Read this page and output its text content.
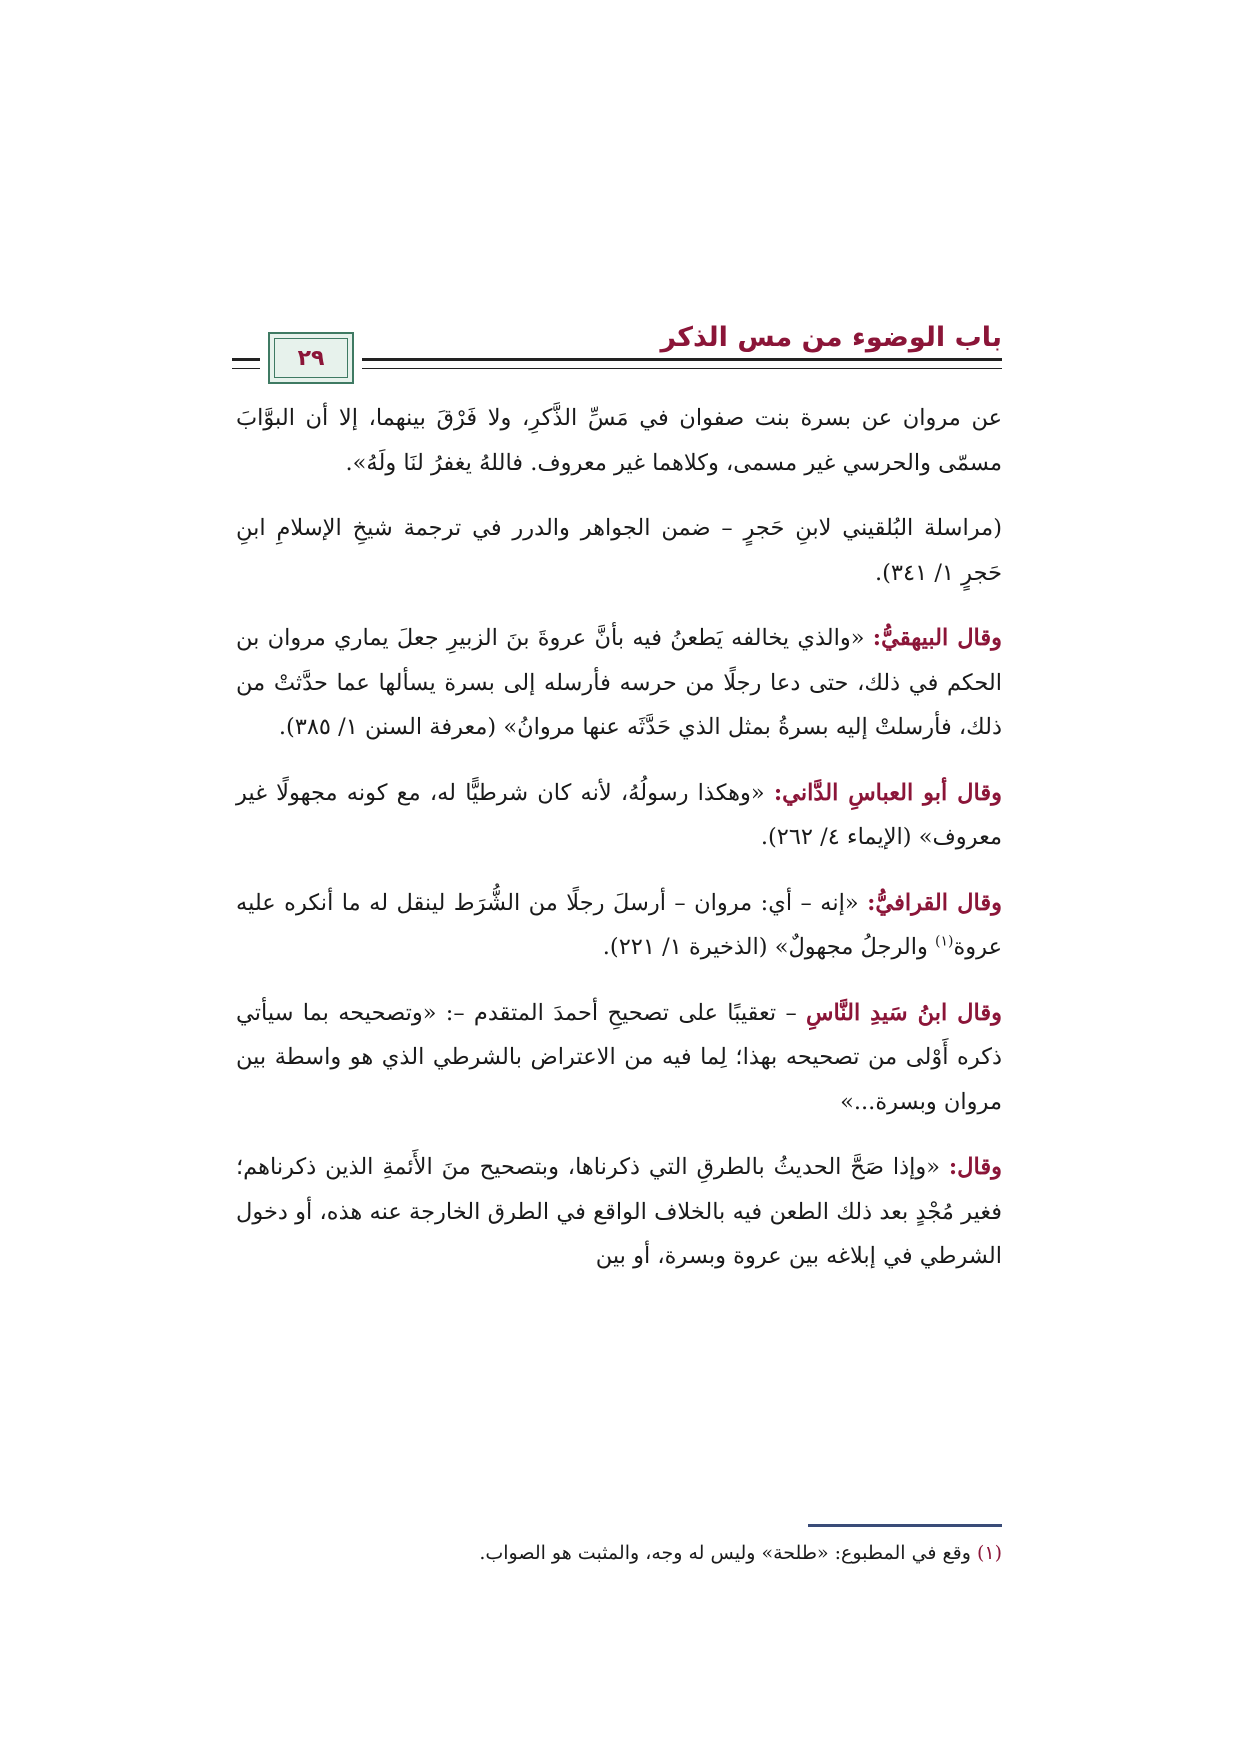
باب الوضوء من مس الذكر
٢٩

عن مروان عن بسرة بنت صفوان في مَسِّ الذَّكرِ، ولا فَرْقَ بينهما، إلا أن البوَّابَ مسمّى والحرسي غير مسمى، وكلاهما غير معروف. فاللهُ يغفرُ لنَا ولَهُ».

(مراسلة البُلقيني لابنِ حَجرٍ – ضمن الجواهر والدرر في ترجمة شيخِ الإسلامِ ابنِ حَجرٍ ١/ ٣٤١).

وقال البيهقيُّ: «والذي يخالفه يَطعنُ فيه بأنَّ عروةَ بنَ الزبيرِ جعلَ يماري مروان بن الحكم في ذلك، حتى دعا رجلًا من حرسه فأرسله إلى بسرة يسألها عما حدَّثتْ من ذلك، فأرسلتْ إليه بسرةُ بمثل الذي حَدَّثَه عنها مروانُ» (معرفة السنن ١/ ٣٨٥).

وقال أبو العباسِ الدَّاني: «وهكذا رسولُهُ، لأنه كان شرطيًّا له، مع كونه مجهولًا غير معروف» (الإيماء ٤/ ٢٦٢).

وقال القرافيُّ: «إنه – أي: مروان – أرسلَ رجلًا من الشُّرَط لينقل له ما أنكره عليه عروة$^{(١)}$ والرجلُ مجهولٌ» (الذخيرة ١/ ٢٢١).

وقال ابنُ سَيدِ النَّاسِ – تعقيبًا على تصحيحِ أحمدَ المتقدم –: «وتصحيحه بما سيأتي ذكره أَوْلى من تصحيحه بهذا؛ لِما فيه من الاعتراض بالشرطي الذي هو واسطة بين مروان وبسرة...»

وقال: «وإذا صَحَّ الحديثُ بالطرقِ التي ذكرناها، وبتصحيح منَ الأَئمةِ الذين ذكرناهم؛ فغير مُجْدٍ بعد ذلك الطعن فيه بالخلاف الواقع في الطرق الخارجة عنه هذه، أو دخول الشرطي في إبلاغه بين عروة وبسرة، أو بين

(١) وقع في المطبوع: «طلحة» وليس له وجه، والمثبت هو الصواب.
